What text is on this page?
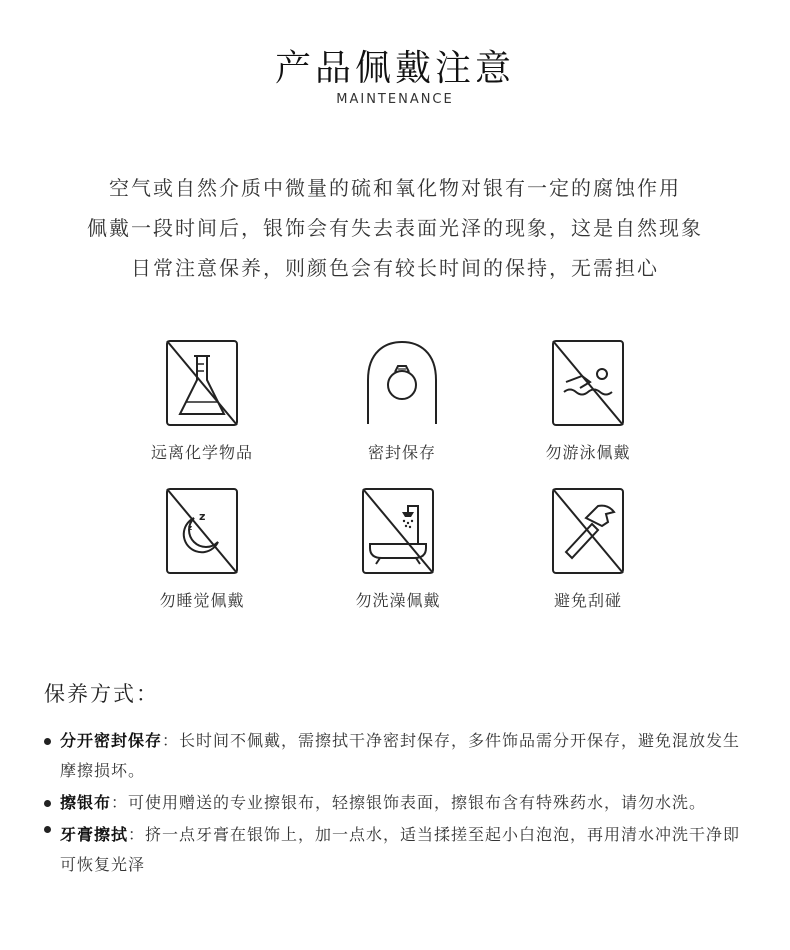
产品佩戴注意
MAINTENANCE
空气或自然介质中微量的硫和氧化物对银有一定的腐蚀作用
佩戴一段时间后，银饰会有失去表面光泽的现象，这是自然现象
日常注意保养，则颜色会有较长时间的保持，无需担心
远离化学物品	密封保存	勿游泳佩戴
z
z
勿睡觉佩戴	勿洗澡佩戴	避免刮碰
保养方式：
分开密封保存：长时间不佩戴，需擦拭干净密封保存，多件饰品需分开保存，避免混放发生摩擦损坏。
擦银布：可使用赠送的专业擦银布，轻擦银饰表面，擦银布含有特殊药水，请勿水洗。
牙膏擦拭：挤一点牙膏在银饰上，加一点水，适当揉搓至起小白泡泡，再用清水冲洗干净即可恢复光泽
